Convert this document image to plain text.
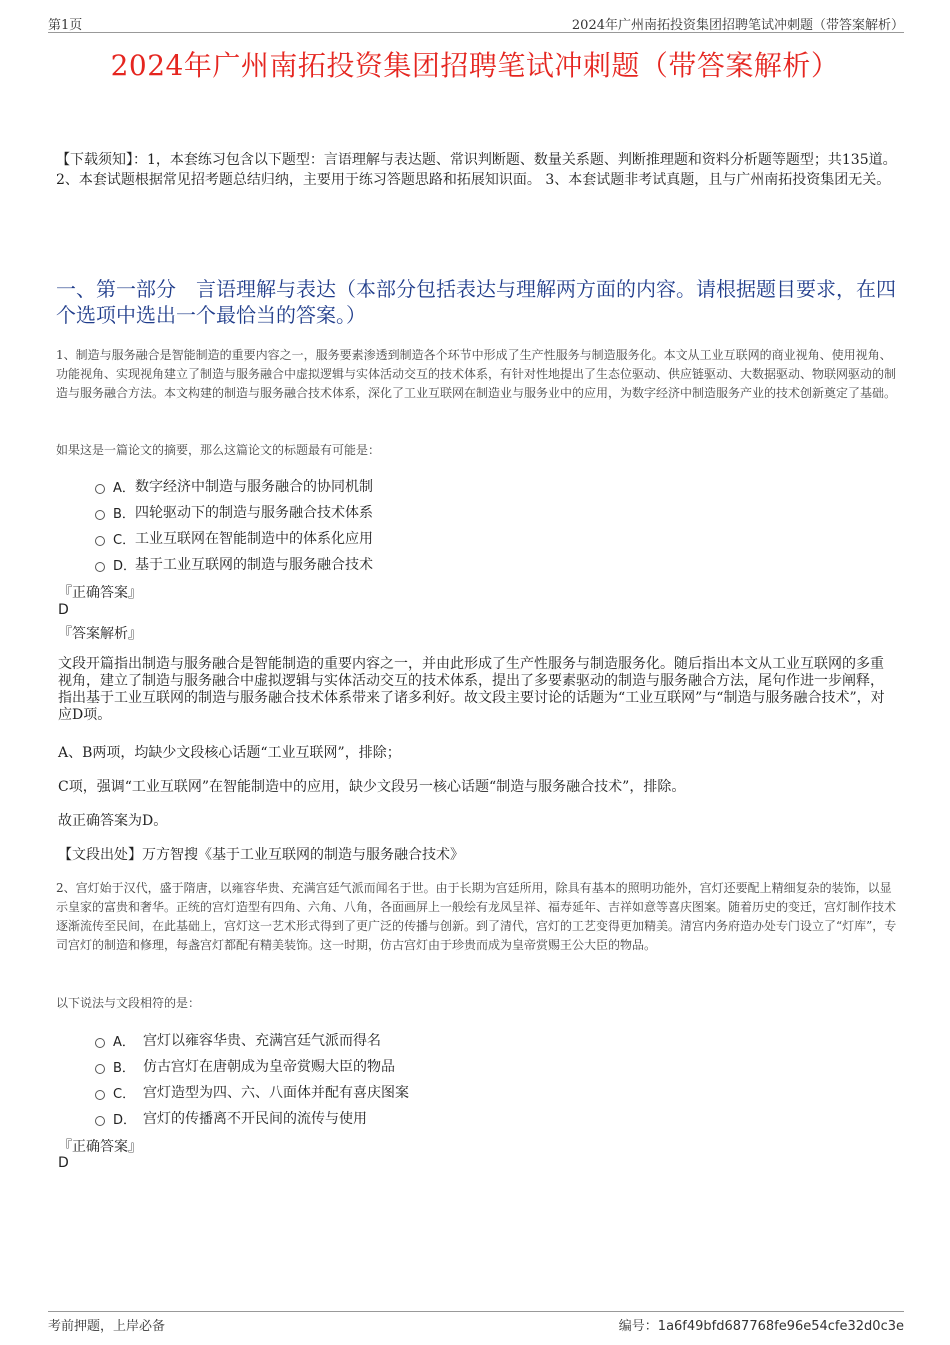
第1页	2024年广州南拓投资集团招聘笔试冲刺题（带答案解析）
2024年广州南拓投资集团招聘笔试冲刺题（带答案解析）
【下载须知】：1，本套练习包含以下题型：言语理解与表达题、常识判断题、数量关系题、判断推理题和资料分析题等题型；共135道。 2、本套试题根据常见招考题总结归纳，主要用于练习答题思路和拓展知识面。 3、本套试题非考试真题，且与广州南拓投资集团无关。
一、第一部分　言语理解与表达（本部分包括表达与理解两方面的内容。请根据题目要求，在四个选项中选出一个最恰当的答案。）
1、制造与服务融合是智能制造的重要内容之一，服务要素渗透到制造各个环节中形成了生产性服务与制造服务化。本文从工业互联网的商业视角、使用视角、功能视角、实现视角建立了制造与服务融合中虚拟逻辑与实体活动交互的技术体系，有针对性地提出了生态位驱动、供应链驱动、大数据驱动、物联网驱动的制造与服务融合方法。本文构建的制造与服务融合技术体系，深化了工业互联网在制造业与服务业中的应用，为数字经济中制造服务产业的技术创新奠定了基础。
如果这是一篇论文的摘要，那么这篇论文的标题最有可能是：
A． 数字经济中制造与服务融合的协同机制
B． 四轮驱动下的制造与服务融合技术体系
C． 工业互联网在智能制造中的体系化应用
D．
基于工业互联网的制造与服务融合技术
『正确答案』
D
『答案解析』
文段开篇指出制造与服务融合是智能制造的重要内容之一，并由此形成了生产性服务与制造服务化。随后指出本文从工业互联网的多重视角，建立了制造与服务融合中虚拟逻辑与实体活动交互的技术体系，提出了多要素驱动的制造与服务融合方法，尾句作进一步阐释，指出基于工业互联网的制造与服务融合技术体系带来了诸多利好。故文段主要讨论的话题为“工业互联网”与“制造与服务融合技术”，对应D项。
A、B两项，均缺少文段核心话题“工业互联网”，排除；
C项，强调“工业互联网”在智能制造中的应用，缺少文段另一核心话题“制造与服务融合技术”，排除。
故正确答案为D。
【文段出处】万方智搜《基于工业互联网的制造与服务融合技术》
2、宫灯始于汉代，盛于隋唐，以雍容华贵、充满宫廷气派而闻名于世。由于长期为宫廷所用，除具有基本的照明功能外，宫灯还要配上精细复杂的装饰，以显示皇家的富贵和奢华。正统的宫灯造型有四角、六角、八角，各面画屏上一般绘有龙凤呈祥、福寿延年、吉祥如意等喜庆图案。随着历史的变迁，宫灯制作技术逐渐流传至民间，在此基础上，宫灯这一艺术形式得到了更广泛的传播与创新。到了清代，宫灯的工艺变得更加精美。清宫内务府造办处专门设立了“灯库”，专司宫灯的制造和修理，每盏宫灯都配有精美装饰。这一时期，仿古宫灯由于珍贵而成为皇帝赏赐王公大臣的物品。
以下说法与文段相符的是：
A． 宫灯以雍容华贵、充满宫廷气派而得名
B． 仿古宫灯在唐朝成为皇帝赏赐大臣的物品
C． 宫灯造型为四、六、八面体并配有喜庆图案
D． 宫灯的传播离不开民间的流传与使用
『正确答案』
D
考前押题，上岸必备	编号：1a6f49bfd687768fe96e54cfe32d0c3e
